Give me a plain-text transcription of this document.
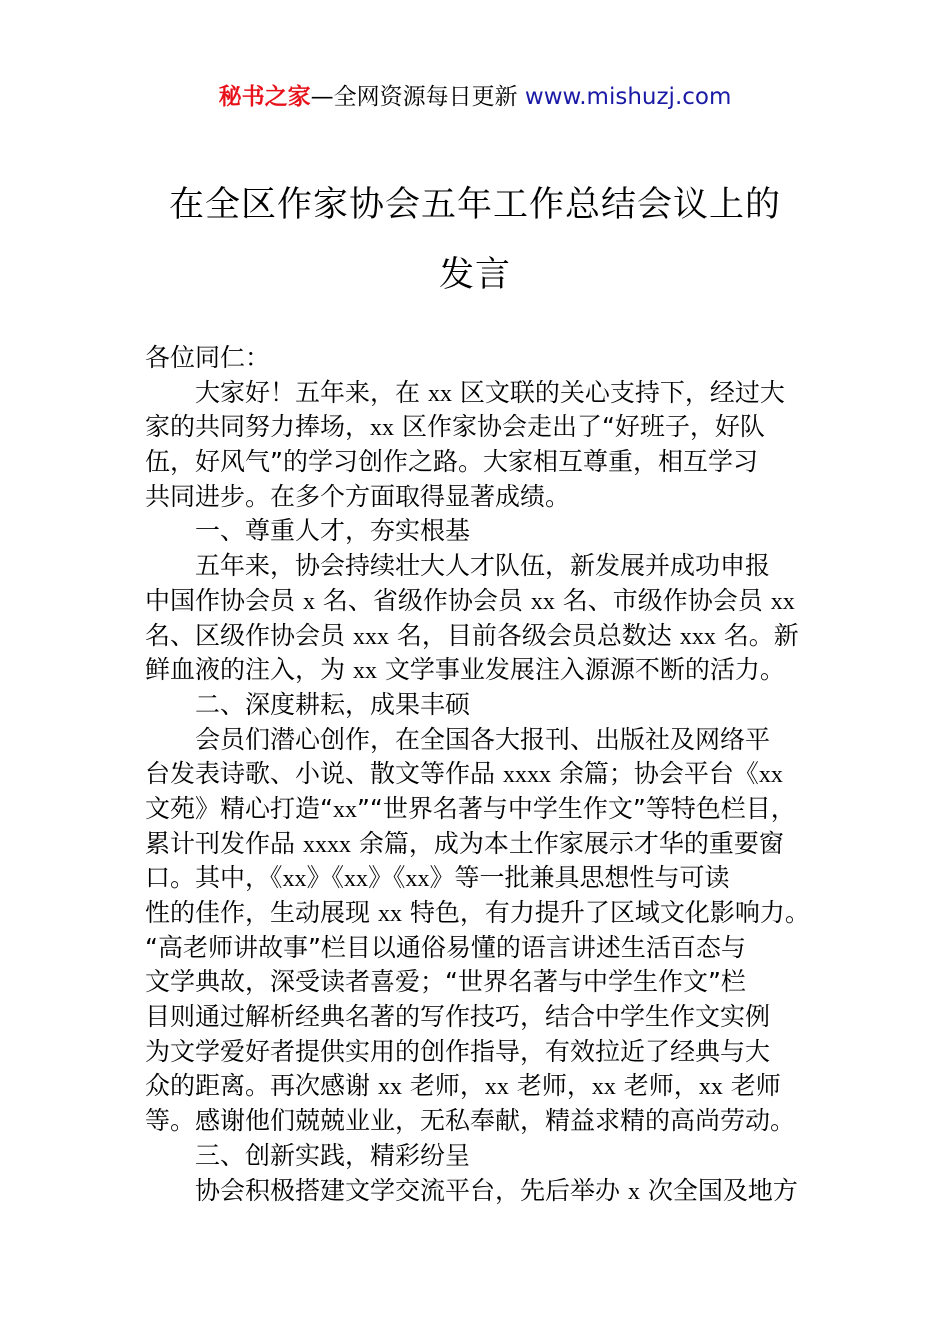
秘书之家—全网资源每日更新 www.mishuzj.com
在全区作家协会五年工作总结会议上的
发言
各位同仁：
大家好！五年来，在 xx 区文联的关心支持下，经过大
家的共同努力捧场，xx 区作家协会走出了“好班子，好队
伍，好风气”的学习创作之路。大家相互尊重，相互学习
共同进步。在多个方面取得显著成绩。
一、尊重人才，夯实根基
五年来，协会持续壮大人才队伍，新发展并成功申报
中国作协会员 x 名、省级作协会员 xx 名、市级作协会员 xx
名、区级作协会员 xxx 名，目前各级会员总数达 xxx 名。新
鲜血液的注入，为 xx 文学事业发展注入源源不断的活力。
二、深度耕耘，成果丰硕
会员们潜心创作，在全国各大报刊、出版社及网络平
台发表诗歌、小说、散文等作品 xxxx 余篇；协会平台《xx
文苑》精心打造“xx”“世界名著与中学生作文”等特色栏目，
累计刊发作品 xxxx 余篇，成为本土作家展示才华的重要窗
口。其中，《xx》《xx》《xx》等一批兼具思想性与可读
性的佳作，生动展现 xx 特色，有力提升了区域文化影响力。
“高老师讲故事”栏目以通俗易懂的语言讲述生活百态与
文学典故，深受读者喜爱；“世界名著与中学生作文”栏
目则通过解析经典名著的写作技巧，结合中学生作文实例
为文学爱好者提供实用的创作指导，有效拉近了经典与大
众的距离。再次感谢 xx 老师，xx 老师，xx 老师，xx 老师
等。感谢他们兢兢业业，无私奉献，精益求精的高尚劳动。
三、创新实践，精彩纷呈
协会积极搭建文学交流平台，先后举办 x 次全国及地方
